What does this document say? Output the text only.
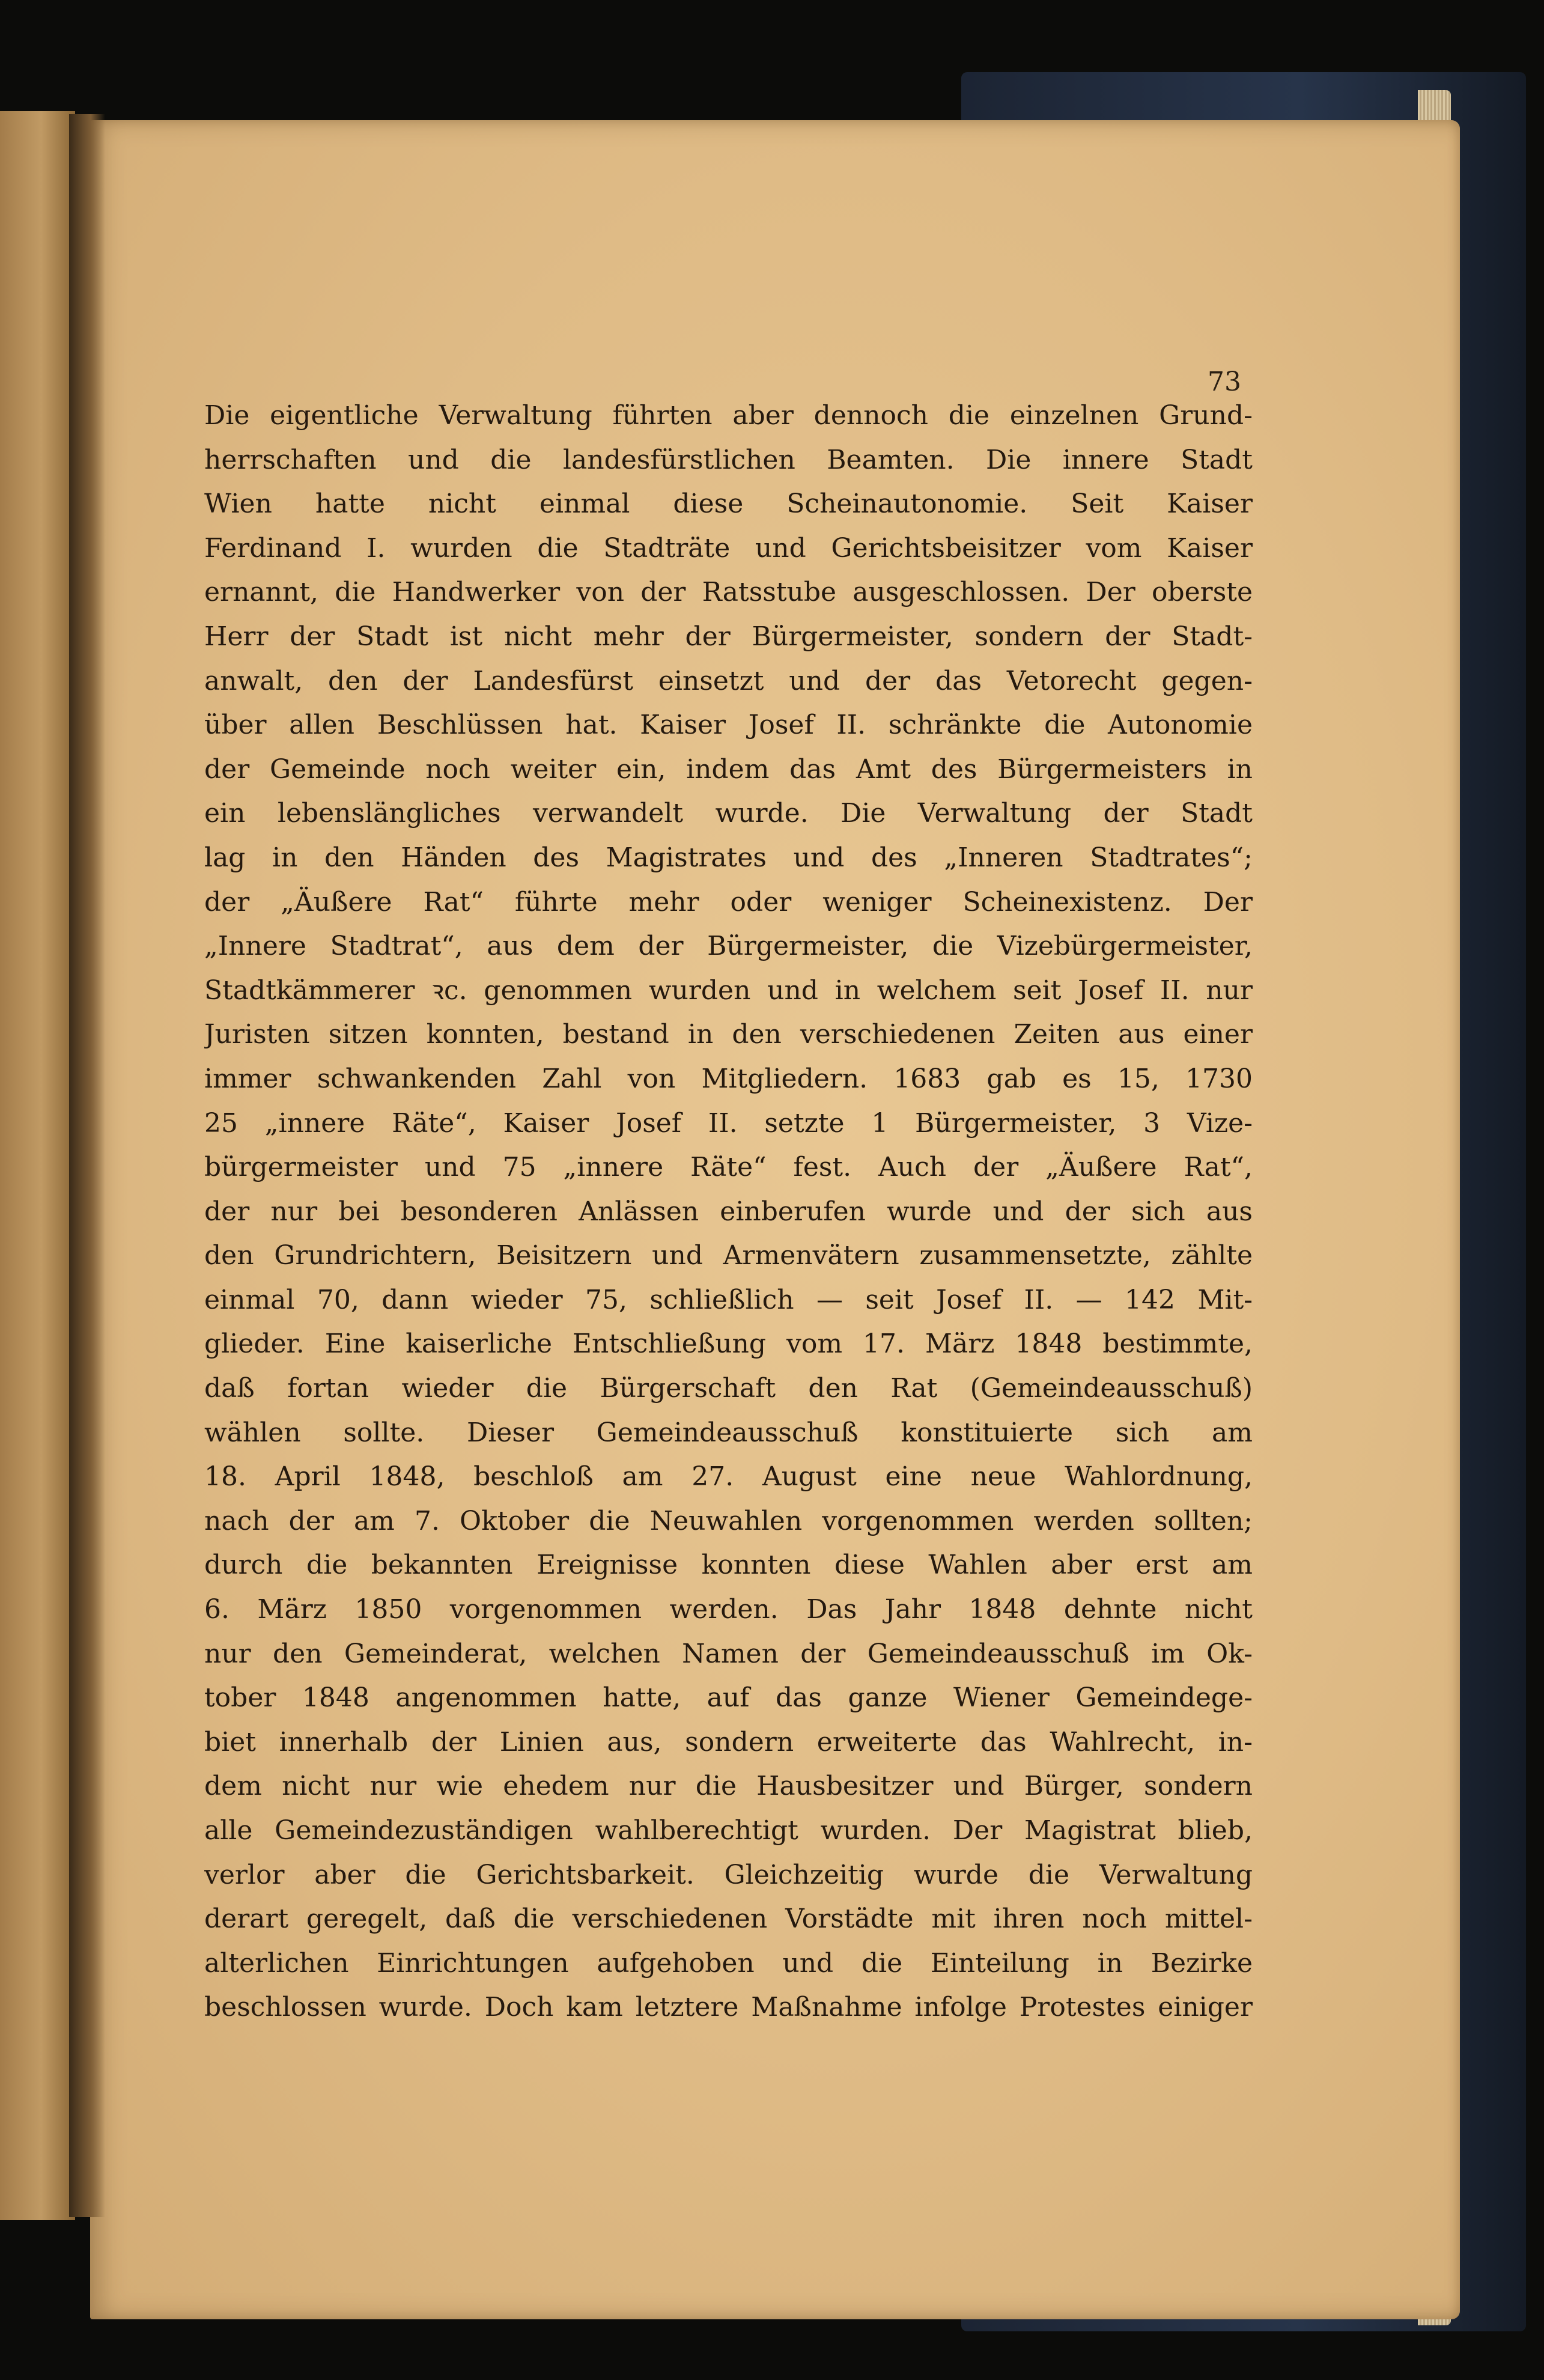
73
Die eigentliche Verwaltung führten aber dennoch die einzelnen Grund-
herrschaften und die landesfürstlichen Beamten. Die innere Stadt
Wien hatte nicht einmal diese Scheinautonomie. Seit Kaiser
Ferdinand I. wurden die Stadträte und Gerichtsbeisitzer vom Kaiser
ernannt, die Handwerker von der Ratsstube ausgeschlossen. Der oberste
Herr der Stadt ist nicht mehr der Bürgermeister, sondern der Stadt-
anwalt, den der Landesfürst einsetzt und der das Vetorecht gegen-
über allen Beschlüssen hat. Kaiser Josef II. schränkte die Autonomie
der Gemeinde noch weiter ein, indem das Amt des Bürgermeisters in
ein lebenslängliches verwandelt wurde. Die Verwaltung der Stadt
lag in den Händen des Magistrates und des „Inneren Stadtrates“;
der „Äußere Rat“ führte mehr oder weniger Scheinexistenz. Der
„Innere Stadtrat“, aus dem der Bürgermeister, die Vizebürgermeister,
Stadtkämmerer ꝛc. genommen wurden und in welchem seit Josef II. nur
Juristen sitzen konnten, bestand in den verschiedenen Zeiten aus einer
immer schwankenden Zahl von Mitgliedern. 1683 gab es 15, 1730
25 „innere Räte“, Kaiser Josef II. setzte 1 Bürgermeister, 3 Vize-
bürgermeister und 75 „innere Räte“ fest. Auch der „Äußere Rat“,
der nur bei besonderen Anlässen einberufen wurde und der sich aus
den Grundrichtern, Beisitzern und Armenvätern zusammensetzte, zählte
einmal 70, dann wieder 75, schließlich — seit Josef II. — 142 Mit-
glieder. Eine kaiserliche Entschließung vom 17. März 1848 bestimmte,
daß fortan wieder die Bürgerschaft den Rat (Gemeindeausschuß)
wählen sollte. Dieser Gemeindeausschuß konstituierte sich am
18. April 1848, beschloß am 27. August eine neue Wahlordnung,
nach der am 7. Oktober die Neuwahlen vorgenommen werden sollten;
durch die bekannten Ereignisse konnten diese Wahlen aber erst am
6. März 1850 vorgenommen werden. Das Jahr 1848 dehnte nicht
nur den Gemeinderat, welchen Namen der Gemeindeausschuß im Ok-
tober 1848 angenommen hatte, auf das ganze Wiener Gemeindege-
biet innerhalb der Linien aus, sondern erweiterte das Wahlrecht, in-
dem nicht nur wie ehedem nur die Hausbesitzer und Bürger, sondern
alle Gemeindezuständigen wahlberechtigt wurden. Der Magistrat blieb,
verlor aber die Gerichtsbarkeit. Gleichzeitig wurde die Verwaltung
derart geregelt, daß die verschiedenen Vorstädte mit ihren noch mittel-
alterlichen Einrichtungen aufgehoben und die Einteilung in Bezirke
beschlossen wurde. Doch kam letztere Maßnahme infolge Protestes einiger
